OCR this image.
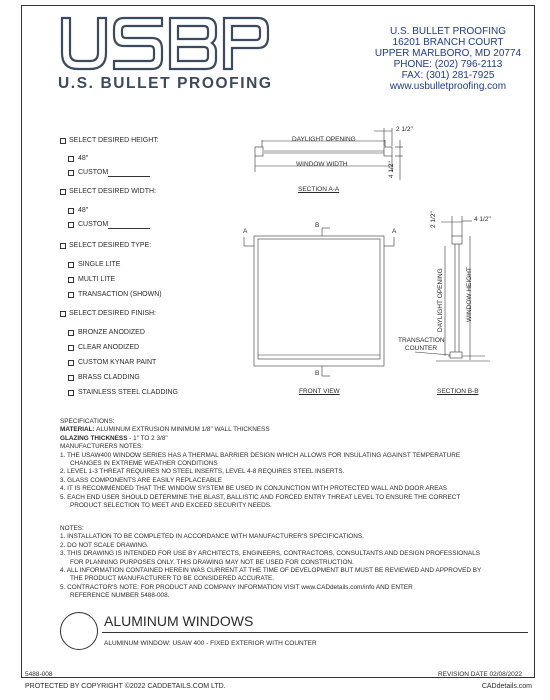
U.S. BULLET PROOFING
U.S. BULLET PROOFING
16201 BRANCH COURT
UPPER MARLBORO, MD 20774
PHONE: (202) 796-2113
FAX: (301) 281-7925
www.usbulletproofing.com
SELECT DESIRED HEIGHT:
48"
CUSTOM
SELECT DESIRED WIDTH:
48"
CUSTOM
SELECT DESIRED TYPE:
SINGLE LITE
MULTI LITE
TRANSACTION (SHOWN)
SELECT DESIRED FINISH:
BRONZE ANODIZED
CLEAR ANODIZED
CUSTOM KYNAR PAINT
BRASS CLADDING
STAINLESS STEEL CLADDING
DAYLIGHT OPENING
WINDOW WIDTH
2 1/2"
4 1/2"
SECTION A-A
A	A
B
B
FRONT VIEW
2 1/2"	4 1/2"
DAYLIGHT OPENING	WINDOW HEIGHT
TRANSACTION
COUNTER
SECTION B-B
SPECIFICATIONS:
MATERIAL: ALUMINUM EXTRUSION MINIMUM 1/8" WALL THICKNESS
GLAZING THICKNESS - 1" TO 2 3/8"
MANUFACTURERS NOTES:
1. THE USAW400 WINDOW SERIES HAS A THERMAL BARRIER DESIGN WHICH ALLOWS FOR INSULATING AGAINST TEMPERATURE
CHANGES IN EXTREME WEATHER CONDITIONS
2. LEVEL 1-3 THREAT REQUIRES NO STEEL INSERTS, LEVEL 4-8 REQUIRES STEEL INSERTS.
3. GLASS COMPONENTS ARE EASILY REPLACEABLE
4. IT IS RECOMMENDED THAT THE WINDOW SYSTEM BE USED IN CONJUNCTION WITH PROTECTED WALL AND DOOR AREAS
5. EACH END USER SHOULD DETERMINE THE BLAST, BALLISTIC AND FORCED ENTRY THREAT LEVEL TO ENSURE THE CORRECT
PRODUCT SELECTION TO MEET AND EXCEED SECURITY NEEDS.
NOTES:
1. INSTALLATION TO BE COMPLETED IN ACCORDANCE WITH MANUFACTURER'S SPECIFICATIONS.
2. DO NOT SCALE DRAWING.
3. THIS DRAWING IS INTENDED FOR USE BY ARCHITECTS, ENGINEERS, CONTRACTORS, CONSULTANTS AND DESIGN PROFESSIONALS
FOR PLANNING PURPOSES ONLY. THIS DRAWING MAY NOT BE USED FOR CONSTRUCTION.
4. ALL INFORMATION CONTAINED HEREIN WAS CURRENT AT THE TIME OF DEVELOPMENT BUT MUST BE REVIEWED AND APPROVED BY
THE PRODUCT MANUFACTURER TO BE CONSIDERED ACCURATE.
5. CONTRACTOR'S NOTE: FOR PRODUCT AND COMPANY INFORMATION VISIT www.CADdetails.com/info AND ENTER
REFERENCE NUMBER 5488-008.
ALUMINUM WINDOWS
ALUMINUM WINDOW: USAW 400 - FIXED EXTERIOR WITH COUNTER
5488-008	REVISION DATE 02/08/2022
PROTECTED BY COPYRIGHT ©2022 CADDETAILS.COM LTD.	CADdetails.com
